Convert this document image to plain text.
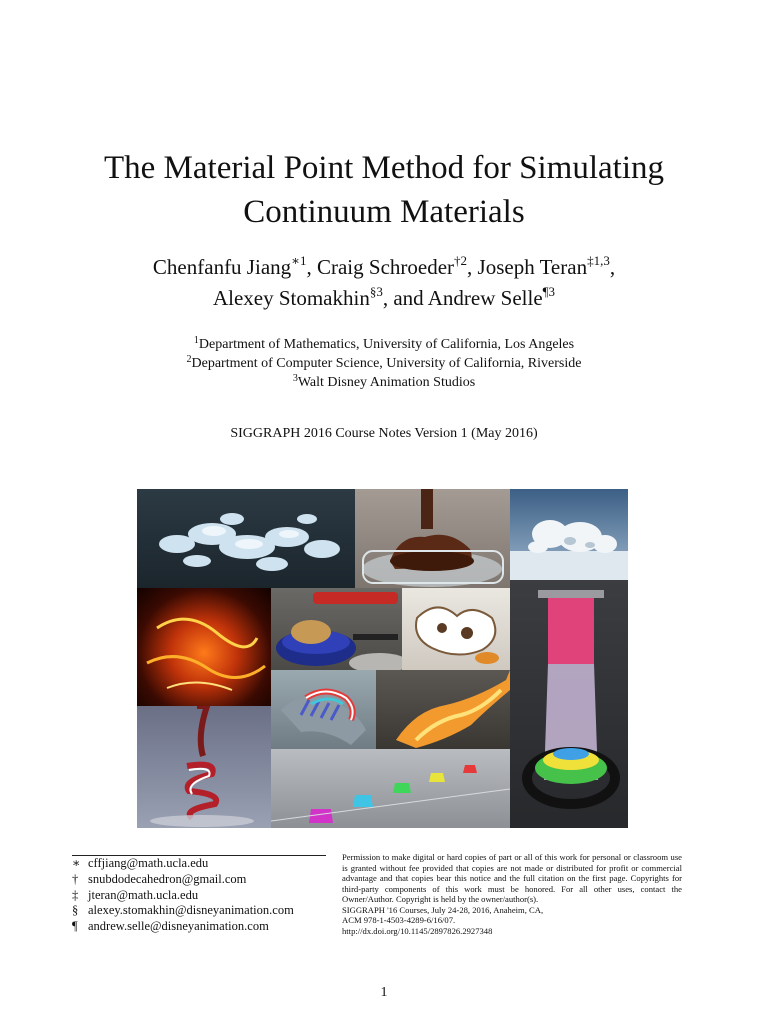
The Material Point Method for Simulating
Continuum Materials
Chenfanfu Jiang$^{∗1}$, Craig Schroeder$^{\dagger 2}$, Joseph Teran$^{\ddagger 1,3}$,
Alexey Stomakhin$^{\S 3}$, and Andrew Selle$^{\P 3}$
$^1$Department of Mathematics, University of California, Los Angeles
$^2$Department of Computer Science, University of California, Riverside
$^3$Walt Disney Animation Studios
SIGGRAPH 2016 Course Notes Version 1 (May 2016)
∗ cffjiang@math.ucla.edu
† snubdodecahedron@gmail.com
‡ jteran@math.ucla.edu
§ alexey.stomakhin@disneyanimation.com
¶ andrew.selle@disneyanimation.com
Permission to make digital or hard copies of part or all of this work for personal or classroom use is granted without fee provided that copies are not made or distributed for profit or commercial advantage and that copies bear this notice and the full citation on the first page. Copyrights for third-party components of this work must be honored. For all other uses, contact the Owner/Author. Copyright is held by the owner/author(s).
SIGGRAPH '16 Courses, July 24-28, 2016, Anaheim, CA,
ACM 978-1-4503-4289-6/16/07.
http://dx.doi.org/10.1145/2897826.2927348
1
